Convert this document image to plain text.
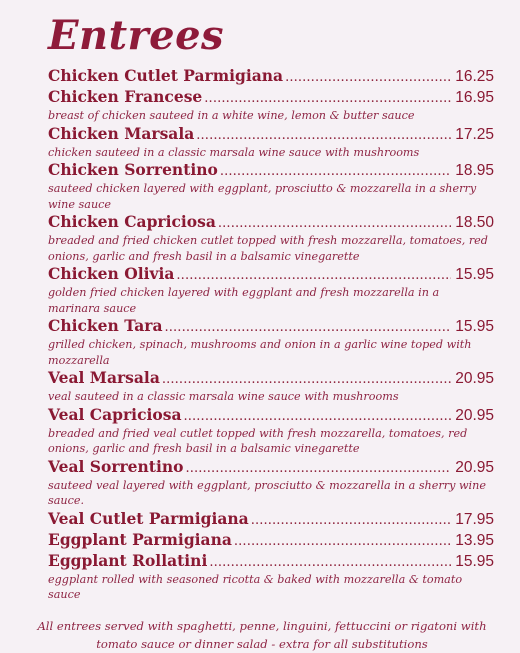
Entrees
Chicken Cutlet Parmigiana . . .	16.25
Chicken Francese . . .	16.95
breast of chicken sauteed in a white wine, lemon & butter sauce
Chicken Marsala . . .	17.25
chicken sauteed in a classic marsala wine sauce with mushrooms
Chicken Sorrentino . . .	18.95
sauteed chicken layered with eggplant, prosciutto & mozzarella in a sherry wine sauce
Chicken Capriciosa . . .	18.50
breaded and fried chicken cutlet topped with fresh mozzarella, tomatoes, red onions, garlic and fresh basil in a balsamic vinegarette
Chicken Olivia . . .	15.95
golden fried chicken layered with eggplant and fresh mozzarella in a marinara sauce
Chicken Tara . . .	15.95
grilled chicken, spinach, mushrooms and onion in a garlic wine toped with mozzarella
Veal Marsala . . .	20.95
veal sauteed in a classic marsala wine sauce with mushrooms
Veal Capriciosa . . .	20.95
breaded and fried veal cutlet topped with fresh mozzarella, tomatoes, red onions, garlic and fresh basil in a balsamic vinegarette
Veal Sorrentino . . .	20.95
sauteed veal layered with eggplant, prosciutto & mozzarella in a sherry wine sauce.
Veal Cutlet Parmigiana . . .	17.95
Eggplant Parmigiana . . .	13.95
Eggplant Rollatini . . .	15.95
eggplant rolled with seasoned ricotta & baked with mozzarella & tomato sauce
All entrees served with spaghetti, penne, linguini, fettuccini or rigatoni with tomato sauce or dinner salad - extra for all substitutions
